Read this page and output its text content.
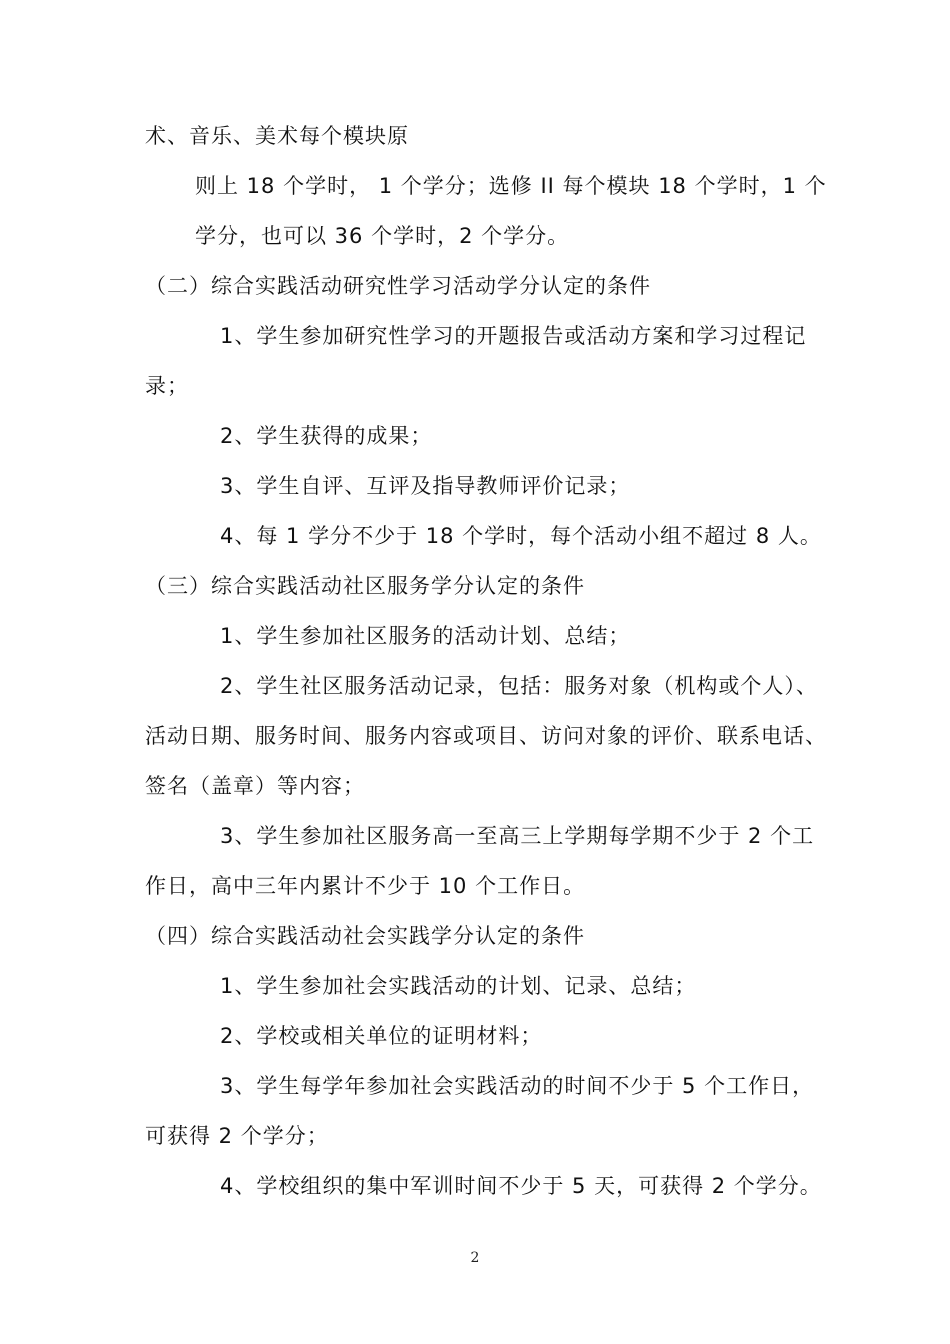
术、音乐、美术每个模块原
则上 18 个学时， 1 个学分；选修 II 每个模块 18 个学时，1 个
学分，也可以 36 个学时，2 个学分。
（二）综合实践活动研究性学习活动学分认定的条件
1、学生参加研究性学习的开题报告或活动方案和学习过程记
录；
2、学生获得的成果；
3、学生自评、互评及指导教师评价记录；
4、每 1 学分不少于 18 个学时，每个活动小组不超过 8 人。
（三）综合实践活动社区服务学分认定的条件
1、学生参加社区服务的活动计划、总结；
2、学生社区服务活动记录，包括：服务对象（机构或个人）、
活动日期、服务时间、服务内容或项目、访问对象的评价、联系电话、
签名（盖章）等内容；
3、学生参加社区服务高一至高三上学期每学期不少于 2 个工
作日，高中三年内累计不少于 10 个工作日。
（四）综合实践活动社会实践学分认定的条件
1、学生参加社会实践活动的计划、记录、总结；
2、学校或相关单位的证明材料；
3、学生每学年参加社会实践活动的时间不少于 5 个工作日，
可获得 2 个学分；
4、学校组织的集中军训时间不少于 5 天，可获得 2 个学分。
2
